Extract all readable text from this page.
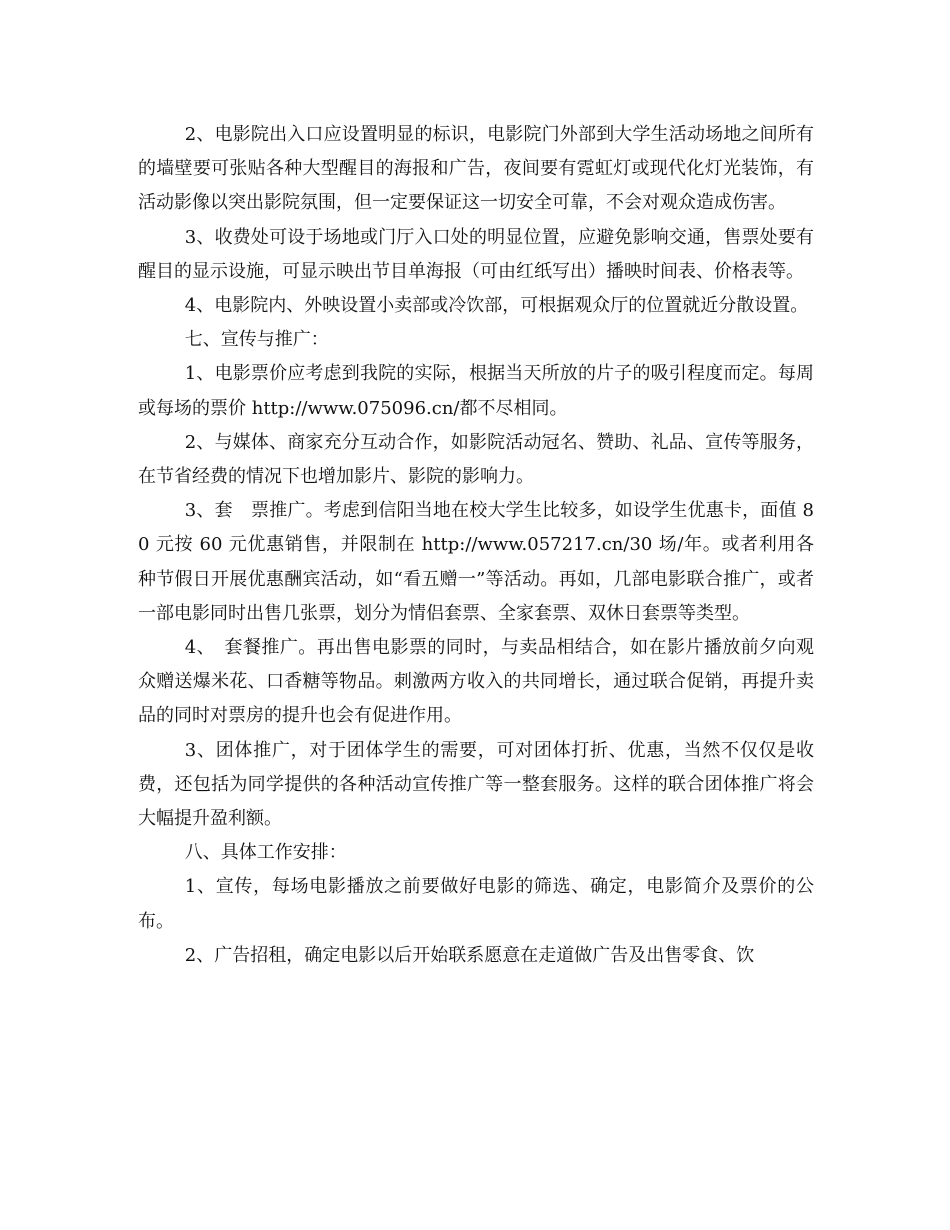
2、电影院出入口应设置明显的标识，电影院门外部到大学生活动场地之间所有的墙壁要可张贴各种大型醒目的海报和广告，夜间要有霓虹灯或现代化灯光装饰，有活动影像以突出影院氛围，但一定要保证这一切安全可靠，不会对观众造成伤害。

3、收费处可设于场地或门厅入口处的明显位置，应避免影响交通，售票处要有醒目的显示设施，可显示映出节目单海报（可由红纸写出）播映时间表、价格表等。

4、电影院内、外映设置小卖部或冷饮部，可根据观众厅的位置就近分散设置。

七、宣传与推广：

1、电影票价应考虑到我院的实际，根据当天所放的片子的吸引程度而定。每周或每场的票价 http://www.075096.cn/都不尽相同。

2、与媒体、商家充分互动合作，如影院活动冠名、赞助、礼品、宣传等服务，在节省经费的情况下也增加影片、影院的影响力。

3、套　票推广。考虑到信阳当地在校大学生比较多，如设学生优惠卡，面值 80 元按 60 元优惠销售，并限制在 http://www.057217.cn/30 场/年。或者利用各种节假日开展优惠酬宾活动，如“看五赠一”等活动。再如，几部电影联合推广，或者一部电影同时出售几张票，划分为情侣套票、全家套票、双休日套票等类型。

4、　套餐推广。再出售电影票的同时，与卖品相结合，如在影片播放前夕向观众赠送爆米花、口香糖等物品。刺激两方收入的共同增长，通过联合促销，再提升卖品的同时对票房的提升也会有促进作用。

3、团体推广，对于团体学生的需要，可对团体打折、优惠，当然不仅仅是收费，还包括为同学提供的各种活动宣传推广等一整套服务。这样的联合团体推广将会大幅提升盈利额。

八、具体工作安排：

1、宣传，每场电影播放之前要做好电影的筛选、确定，电影简介及票价的公布。

2、广告招租，确定电影以后开始联系愿意在走道做广告及出售零食、饮
